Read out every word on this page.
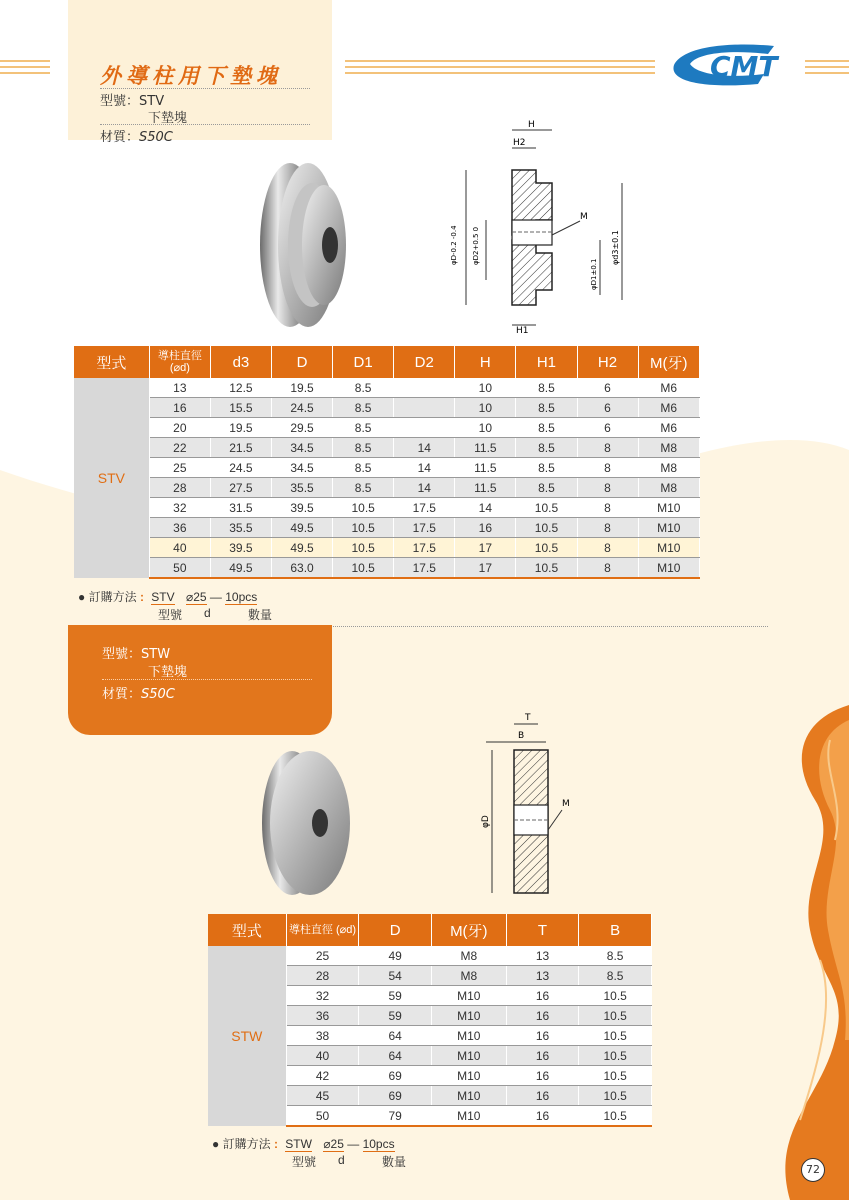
外導柱用下墊塊
型號：STV
下墊塊
材質：S50C
CMT
H
H2
M
H1
φD-0.2 -0.4 φD2+0.5 0	φd3±0.1
φD1±0.1
型式	導柱直徑 (⌀d)	d3	D	D1	D2	H	H1	H2	M(牙)
STV	13	12.5	19.5	8.5		10	8.5	6	M6
	16	15.5	24.5	8.5		10	8.5	6	M6
	20	19.5	29.5	8.5		10	8.5	6	M6
	22	21.5	34.5	8.5	14	11.5	8.5	8	M8
	25	24.5	34.5	8.5	14	11.5	8.5	8	M8
	28	27.5	35.5	8.5	14	11.5	8.5	8	M8
	32	31.5	39.5	10.5	17.5	14	10.5	8	M10
	36	35.5	49.5	10.5	17.5	16	10.5	8	M10
	40	39.5	49.5	10.5	17.5	17	10.5	8	M10
	50	49.5	63.0	10.5	17.5	17	10.5	8	M10
● 訂購方法 : STV ⌀25 — 10pcs
型號 d	數量
型號：STW
下墊塊
材質：S50C
T
B
M
φD
型式	導柱直徑 (⌀d)	D	M(牙)	T	B
STW	25	49	M8	13	8.5
	28	54	M8	13	8.5
	32	59	M10	16	10.5
	36	59	M10	16	10.5
	38	64	M10	16	10.5
	40	64	M10	16	10.5
	42	69	M10	16	10.5
	45	69	M10	16	10.5
	50	79	M10	16	10.5
● 訂購方法 : STW ⌀25 — 10pcs
型號 d	數量
72
